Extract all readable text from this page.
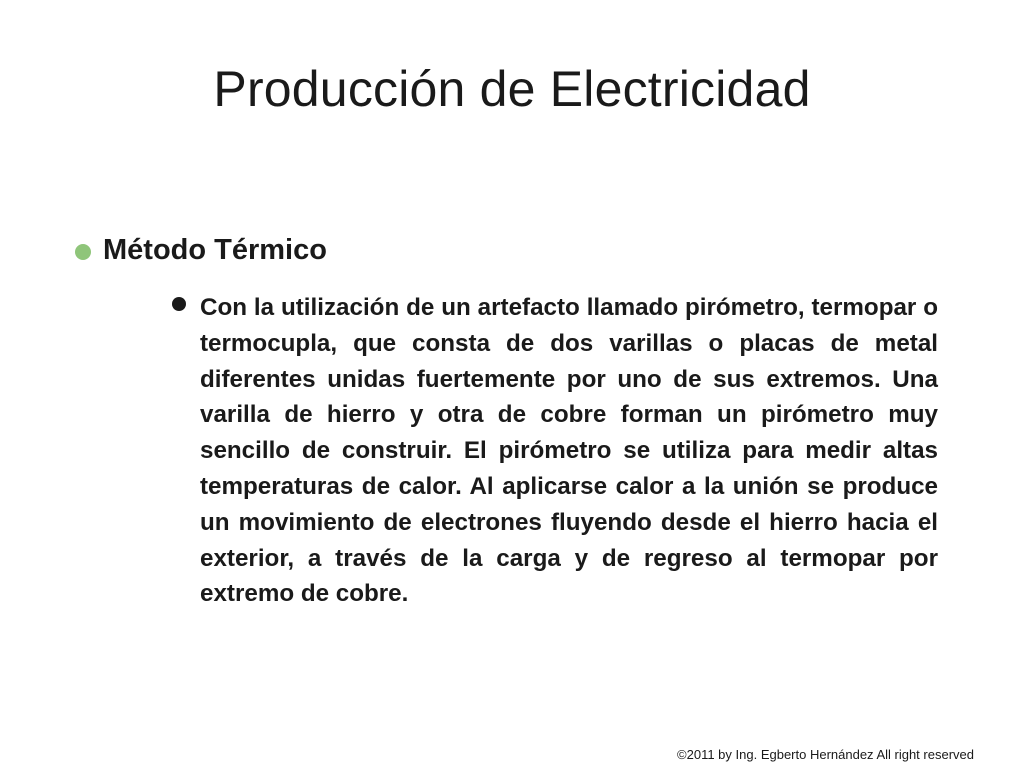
Producción de Electricidad
Método Térmico
Con la utilización de un artefacto llamado pirómetro, termopar o termocupla, que consta de dos varillas o placas de metal diferentes unidas fuertemente por uno de sus extremos. Una varilla de hierro y otra de cobre forman un pirómetro muy sencillo de construir. El pirómetro se utiliza para medir altas temperaturas de calor. Al aplicarse calor a la unión se produce un movimiento de electrones fluyendo desde el hierro hacia el exterior, a través de la carga y de regreso al termopar por extremo de cobre.
©2011 by Ing. Egberto Hernández All right reserved
